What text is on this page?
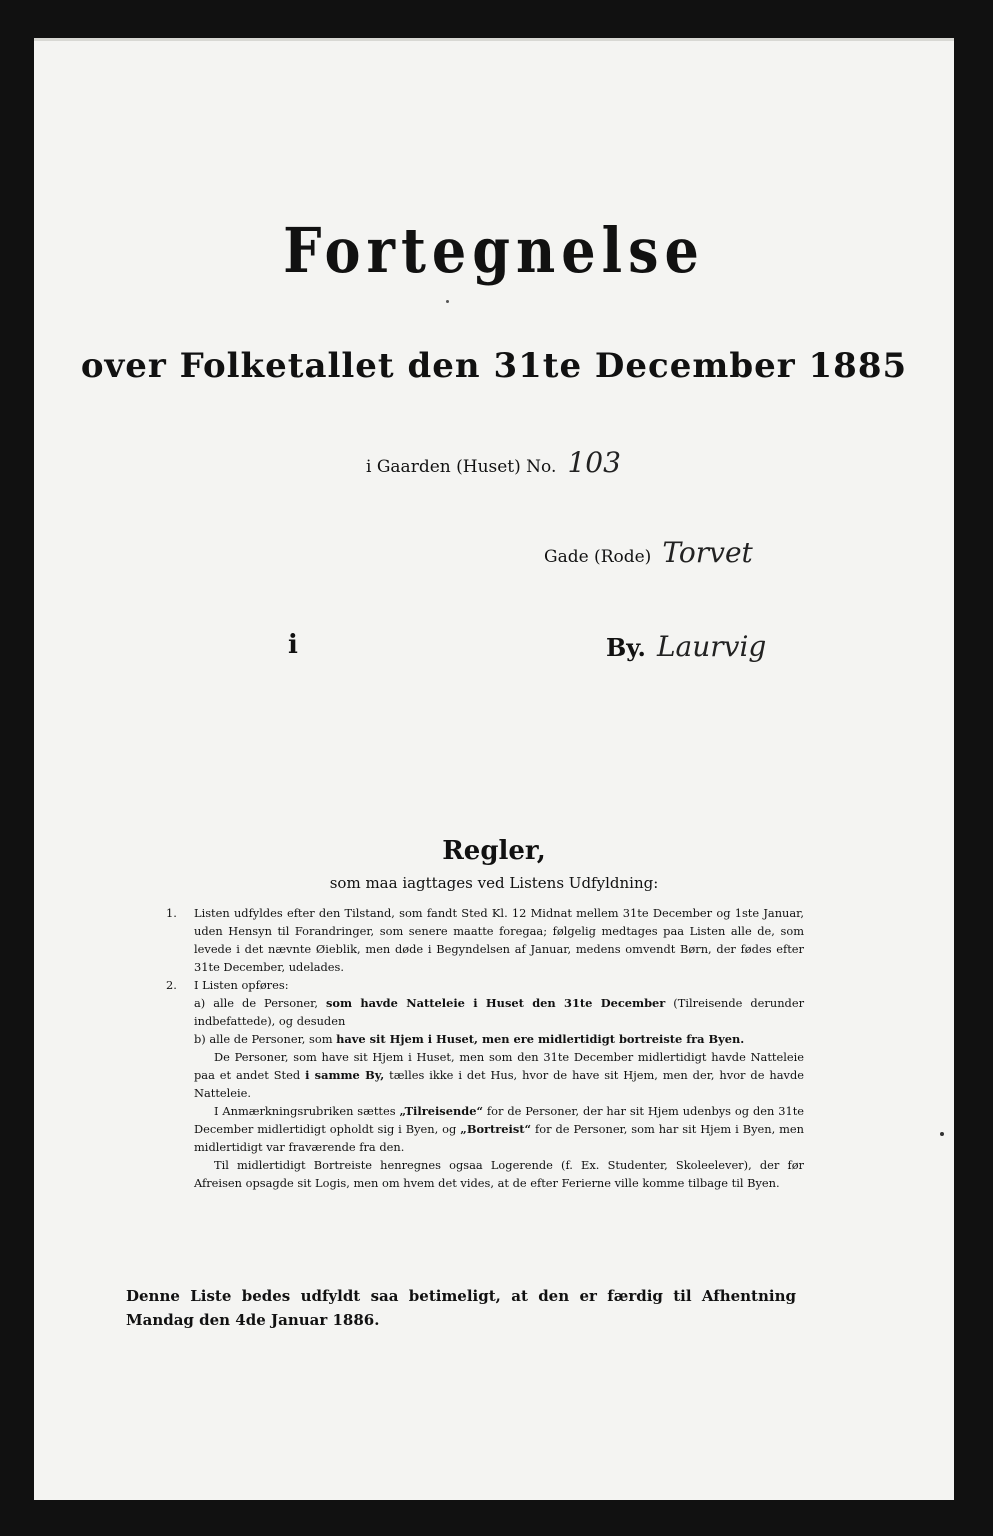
Fortegnelse
over Folketallet den 31te December 1885
i Gaarden (Huset) No. 103
Gade (Rode) Torvet
i	By. Laurvig
Regler,
som maa iagttages ved Listens Udfyldning:

1. Listen udfyldes efter den Tilstand, som fandt Sted Kl. 12 Midnat mellem 31te December og 1ste Januar, uden Hensyn til Forandringer, som senere maatte foregaa; følgelig medtages paa Listen alle de, som levede i det nævnte Øieblik, men døde i Begyndelsen af Januar, medens omvendt Børn, der fødes efter 31te December, udelades.

2. I Listen opføres:

a) alle de Personer, som havde Natteleie i Huset den 31te December (Tilreisende derunder indbefattede), og desuden

b) alle de Personer, som have sit Hjem i Huset, men ere midlertidigt bortreiste fra Byen.

De Personer, som have sit Hjem i Huset, men som den 31te December midlertidigt havde Natteleie paa et andet Sted i samme By, tælles ikke i det Hus, hvor de have sit Hjem, men der, hvor de havde Natteleie.

I Anmærkningsrubriken sættes „Tilreisende“ for de Personer, der har sit Hjem udenbys og den 31te December midlertidigt opholdt sig i Byen, og „Bortreist“ for de Personer, som har sit Hjem i Byen, men midlertidigt var fraværende fra den.

Til midlertidigt Bortreiste henregnes ogsaa Logerende (f. Ex. Studenter, Skoleelever), der før Afreisen opsagde sit Logis, men om hvem det vides, at de efter Ferierne ville komme tilbage til Byen.

Denne Liste bedes udfyldt saa betimeligt, at den er færdig til Afhentning
Mandag den 4de Januar 1886.
